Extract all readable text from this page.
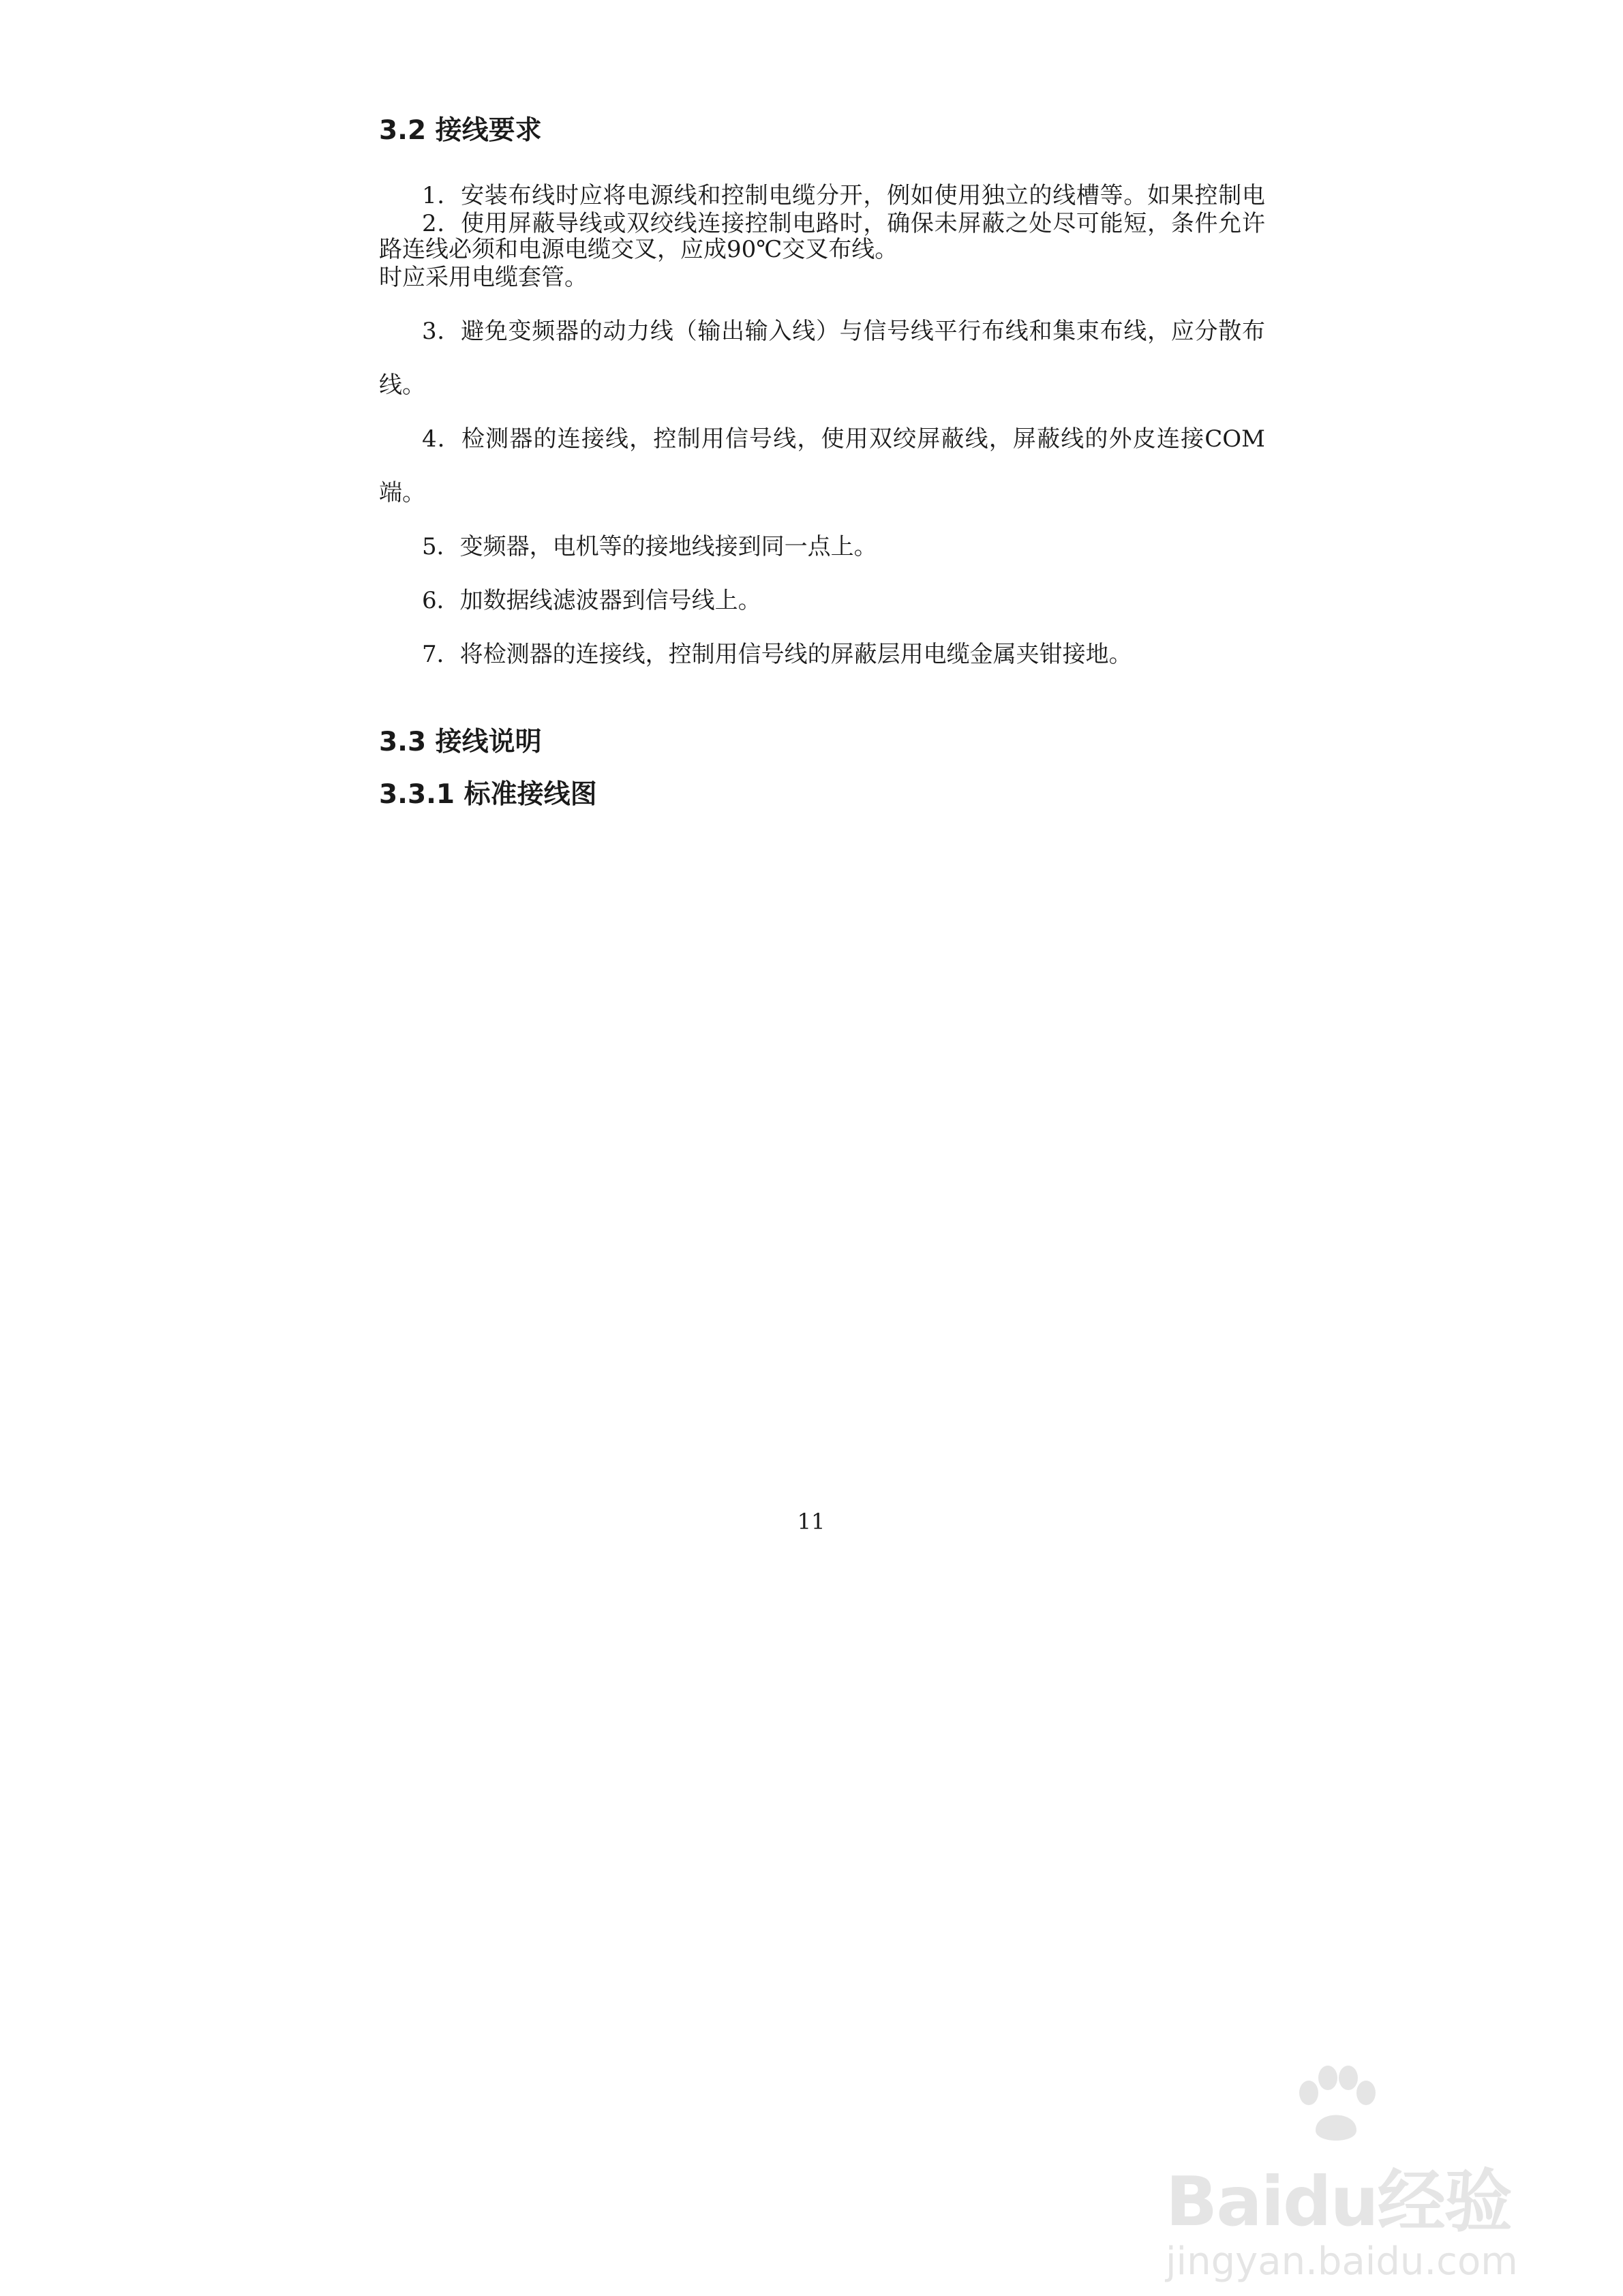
3.2 接线要求
1．安装布线时应将电源线和控制电缆分开，例如使用独立的线槽等。如果控制电路连线必须和电源电缆交叉，应成90℃交叉布线。
2．使用屏蔽导线或双绞线连接控制电路时，确保未屏蔽之处尽可能短，条件允许时应采用电缆套管。
3．避免变频器的动力线（输出输入线）与信号线平行布线和集束布线，应分散布线。
4．检测器的连接线，控制用信号线，使用双绞屏蔽线，屏蔽线的外皮连接COM端。
5．变频器，电机等的接地线接到同一点上。
6．加数据线滤波器到信号线上。
7．将检测器的连接线，控制用信号线的屏蔽层用电缆金属夹钳接地。
3.3 接线说明
3.3.1 标准接线图
11
Baidu经验
jingyan.baidu.com
